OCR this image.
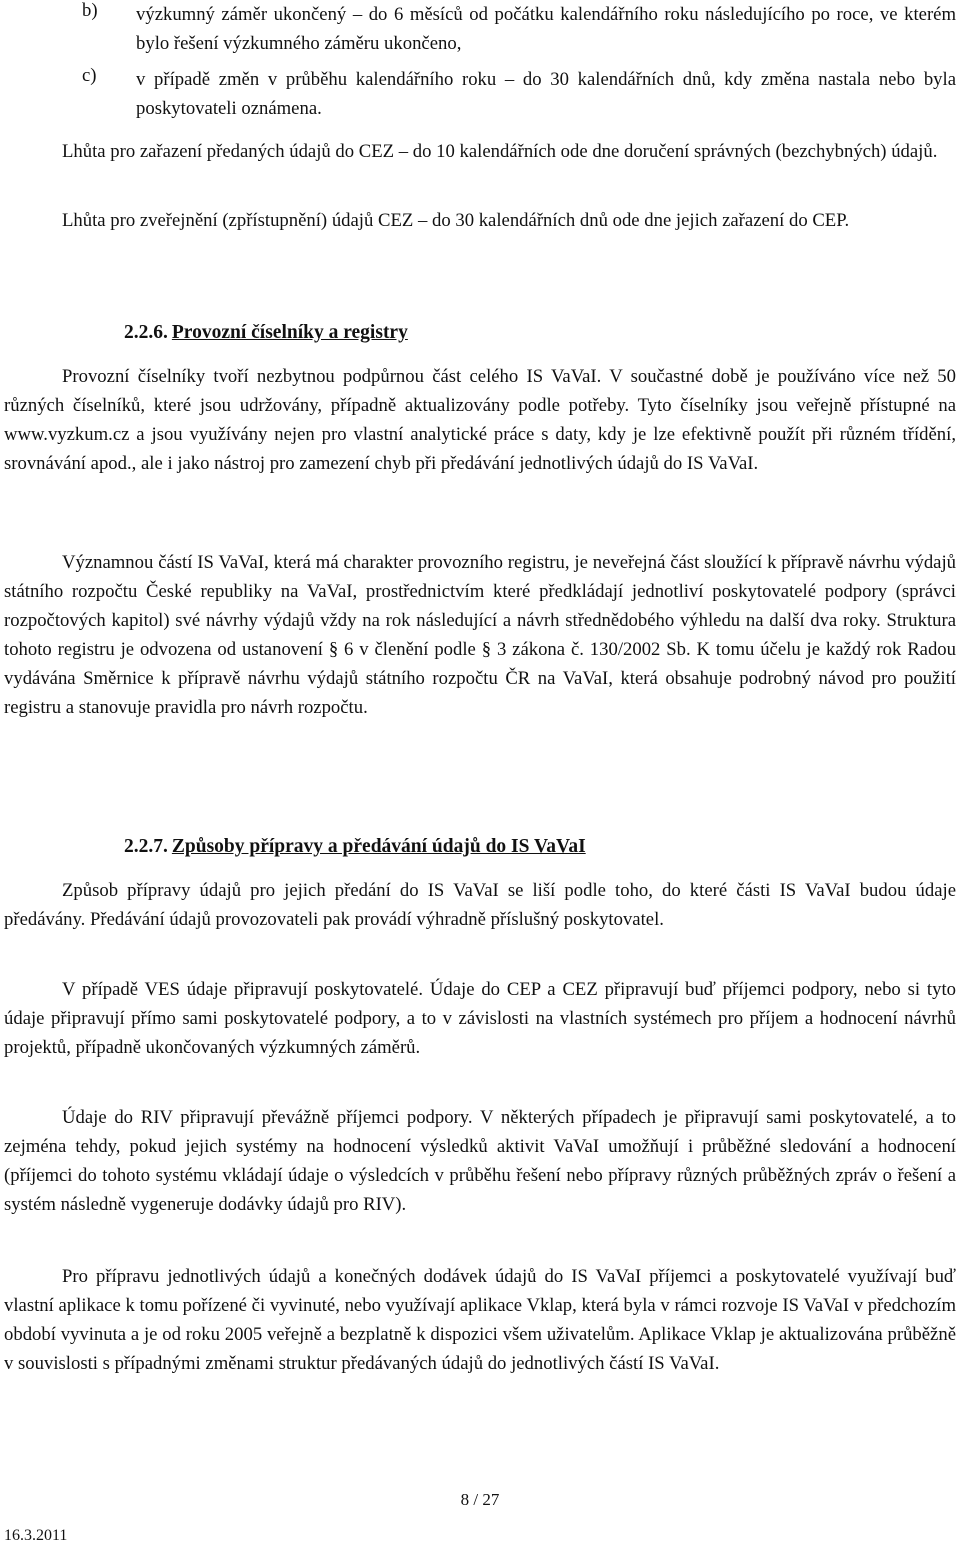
b) výzkumný záměr ukončený – do 6 měsíců od počátku kalendářního roku následujícího po roce, ve kterém bylo řešení výzkumného záměru ukončeno,
c) v případě změn v průběhu kalendářního roku – do 30 kalendářních dnů, kdy změna nastala nebo byla poskytovateli oznámena.

Lhůta pro zařazení předaných údajů do CEZ – do 10 kalendářních ode dne doručení správných (bezchybných) údajů.

Lhůta pro zveřejnění (zpřístupnění) údajů CEZ – do 30 kalendářních dnů ode dne jejich zařazení do CEP.

2.2.6. Provozní číselníky a registry

Provozní číselníky tvoří nezbytnou podpůrnou část celého IS VaVaI. V součastné době je používáno více než 50 různých číselníků, které jsou udržovány, případně aktualizovány podle potřeby. Tyto číselníky jsou veřejně přístupné na www.vyzkum.cz a jsou využívány nejen pro vlastní analytické práce s daty, kdy je lze efektivně použít při různém třídění, srovnávání apod., ale i jako nástroj pro zamezení chyb při předávání jednotlivých údajů do IS VaVaI.

Významnou částí IS VaVaI, která má charakter provozního registru, je neveřejná část sloužící k přípravě návrhu výdajů státního rozpočtu České republiky na VaVaI, prostřednictvím které předkládají jednotliví poskytovatelé podpory (správci rozpočtových kapitol) své návrhy výdajů vždy na rok následující a návrh střednědobého výhledu na další dva roky. Struktura tohoto registru je odvozena od ustanovení § 6 v členění podle § 3 zákona č. 130/2002 Sb. K tomu účelu je každý rok Radou vydávána Směrnice k přípravě návrhu výdajů státního rozpočtu ČR na VaVaI, která obsahuje podrobný návod pro použití registru a stanovuje pravidla pro návrh rozpočtu.

2.2.7. Způsoby přípravy a předávání údajů do IS VaVaI

Způsob přípravy údajů pro jejich předání do IS VaVaI se liší podle toho, do které části IS VaVaI budou údaje předávány. Předávání údajů provozovateli pak provádí výhradně příslušný poskytovatel.

V případě VES údaje připravují poskytovatelé. Údaje do CEP a CEZ připravují buď příjemci podpory, nebo si tyto údaje připravují přímo sami poskytovatelé podpory, a to v závislosti na vlastních systémech pro příjem a hodnocení návrhů projektů, případně ukončovaných výzkumných záměrů.

Údaje do RIV připravují převážně příjemci podpory. V některých případech je připravují sami poskytovatelé, a to zejména tehdy, pokud jejich systémy na hodnocení výsledků aktivit VaVaI umožňují i průběžné sledování a hodnocení (příjemci do tohoto systému vkládají údaje o výsledcích v průběhu řešení nebo přípravy různých průběžných zpráv o řešení a systém následně vygeneruje dodávky údajů pro RIV).

Pro přípravu jednotlivých údajů a konečných dodávek údajů do IS VaVaI příjemci a poskytovatelé využívají buď vlastní aplikace k tomu pořízené či vyvinuté, nebo využívají aplikace Vklap, která byla v rámci rozvoje IS VaVaI v předchozím období vyvinuta a je od roku 2005 veřejně a bezplatně k dispozici všem uživatelům. Aplikace Vklap je aktualizována průběžně v souvislosti s případnými změnami struktur předávaných údajů do jednotlivých částí IS VaVaI.

8 / 27
16.3.2011
